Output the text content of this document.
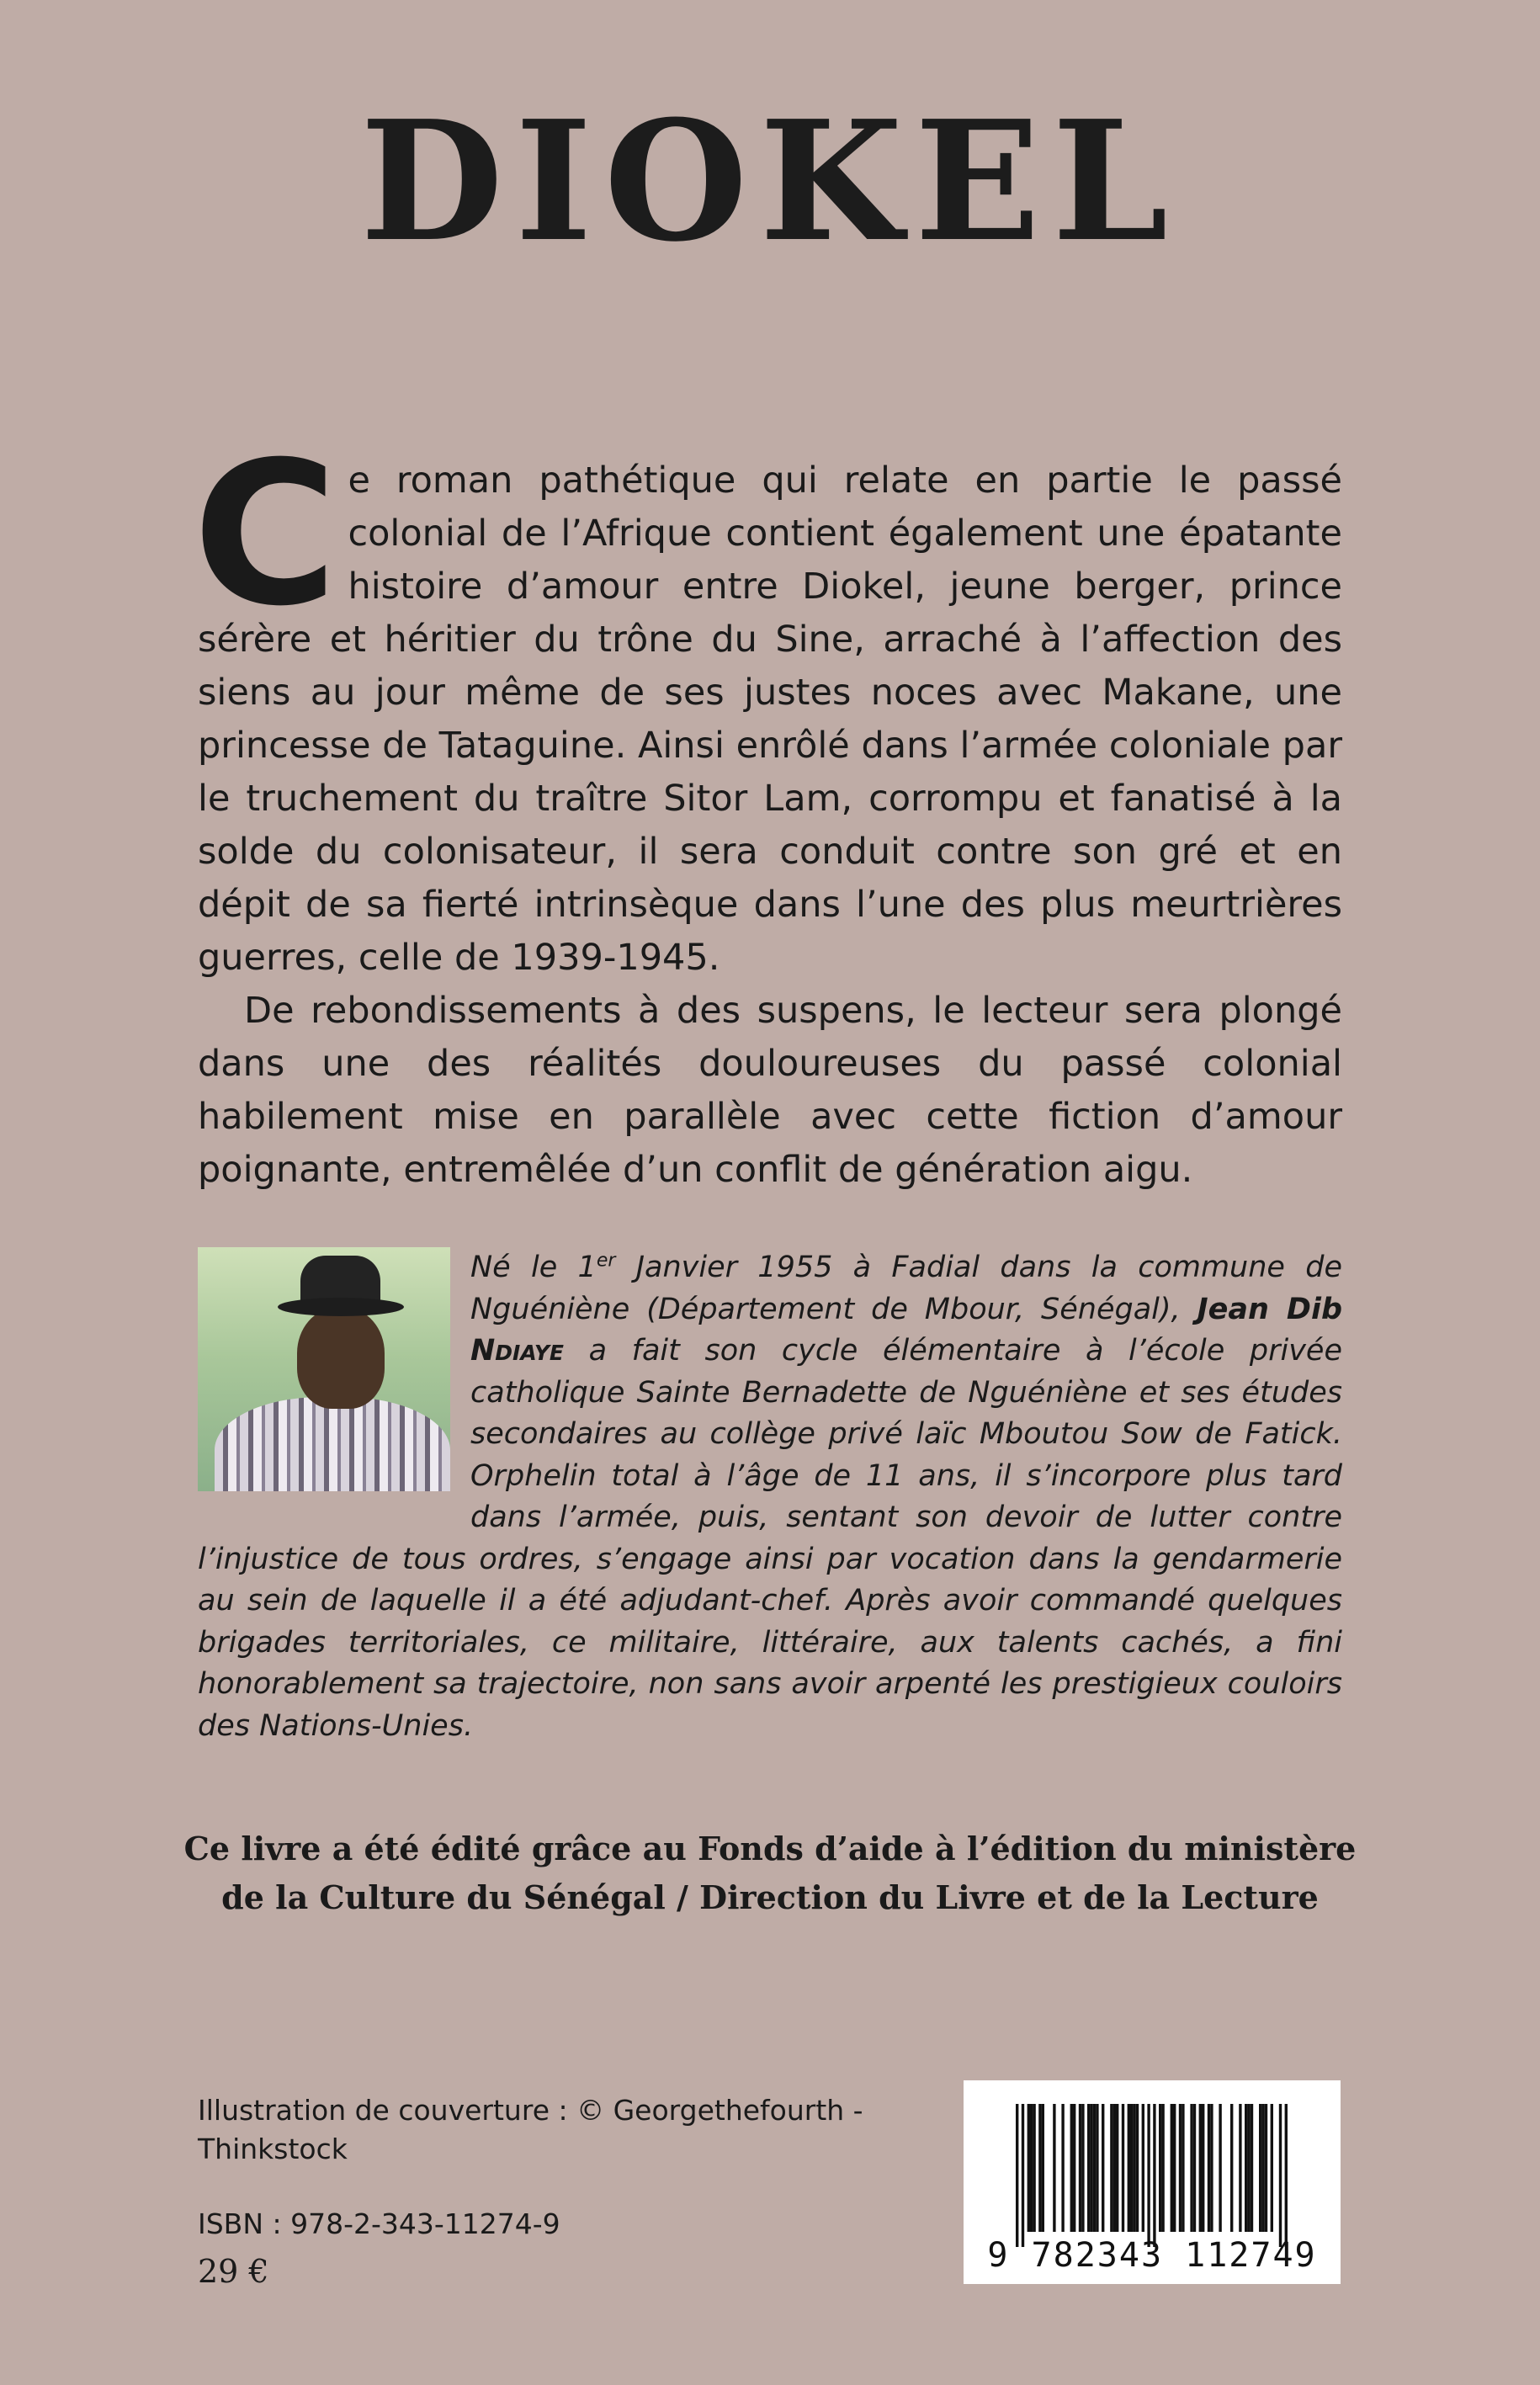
DIOKEL

Ce roman pathétique qui relate en partie le passé colonial de l’Afrique contient également une épatante histoire d’amour entre Diokel, jeune berger, prince sérère et héritier du trône du Sine, arraché à l’affection des siens au jour même de ses justes noces avec Makane, une princesse de Tataguine. Ainsi enrôlé dans l’armée coloniale par le truchement du traître Sitor Lam, corrompu et fanatisé à la solde du colonisateur, il sera conduit contre son gré et en dépit de sa fierté intrinsèque dans l’une des plus meurtrières guerres, celle de 1939-1945.

De rebondissements à des suspens, le lecteur sera plongé dans une des réalités douloureuses du passé colonial habilement mise en parallèle avec cette fiction d’amour poignante, entremêlée d’un conflit de génération aigu.

Né le 1er Janvier 1955 à Fadial dans la commune de Nguéniène (Département de Mbour, Sénégal), Jean Dib Ndiaye a fait son cycle élémentaire à l’école privée catholique Sainte Bernadette de Nguéniène et ses études secondaires au collège privé laïc Mboutou Sow de Fatick. Orphelin total à l’âge de 11 ans, il s’incorpore plus tard dans l’armée, puis, sentant son devoir de lutter contre l’injustice de tous ordres, s’engage ainsi par vocation dans la gendarmerie au sein de laquelle il a été adjudant-chef. Après avoir commandé quelques brigades territoriales, ce militaire, littéraire, aux talents cachés, a fini honorablement sa trajectoire, non sans avoir arpenté les prestigieux couloirs des Nations-Unies.
Ce livre a été édité grâce au Fonds d’aide à l’édition du ministère
de la Culture du Sénégal / Direction du Livre et de la Lecture
Illustration de couverture : © Georgethefourth - Thinkstock
ISBN : 978-2-343-11274-9
29 €	9 782343 112749
